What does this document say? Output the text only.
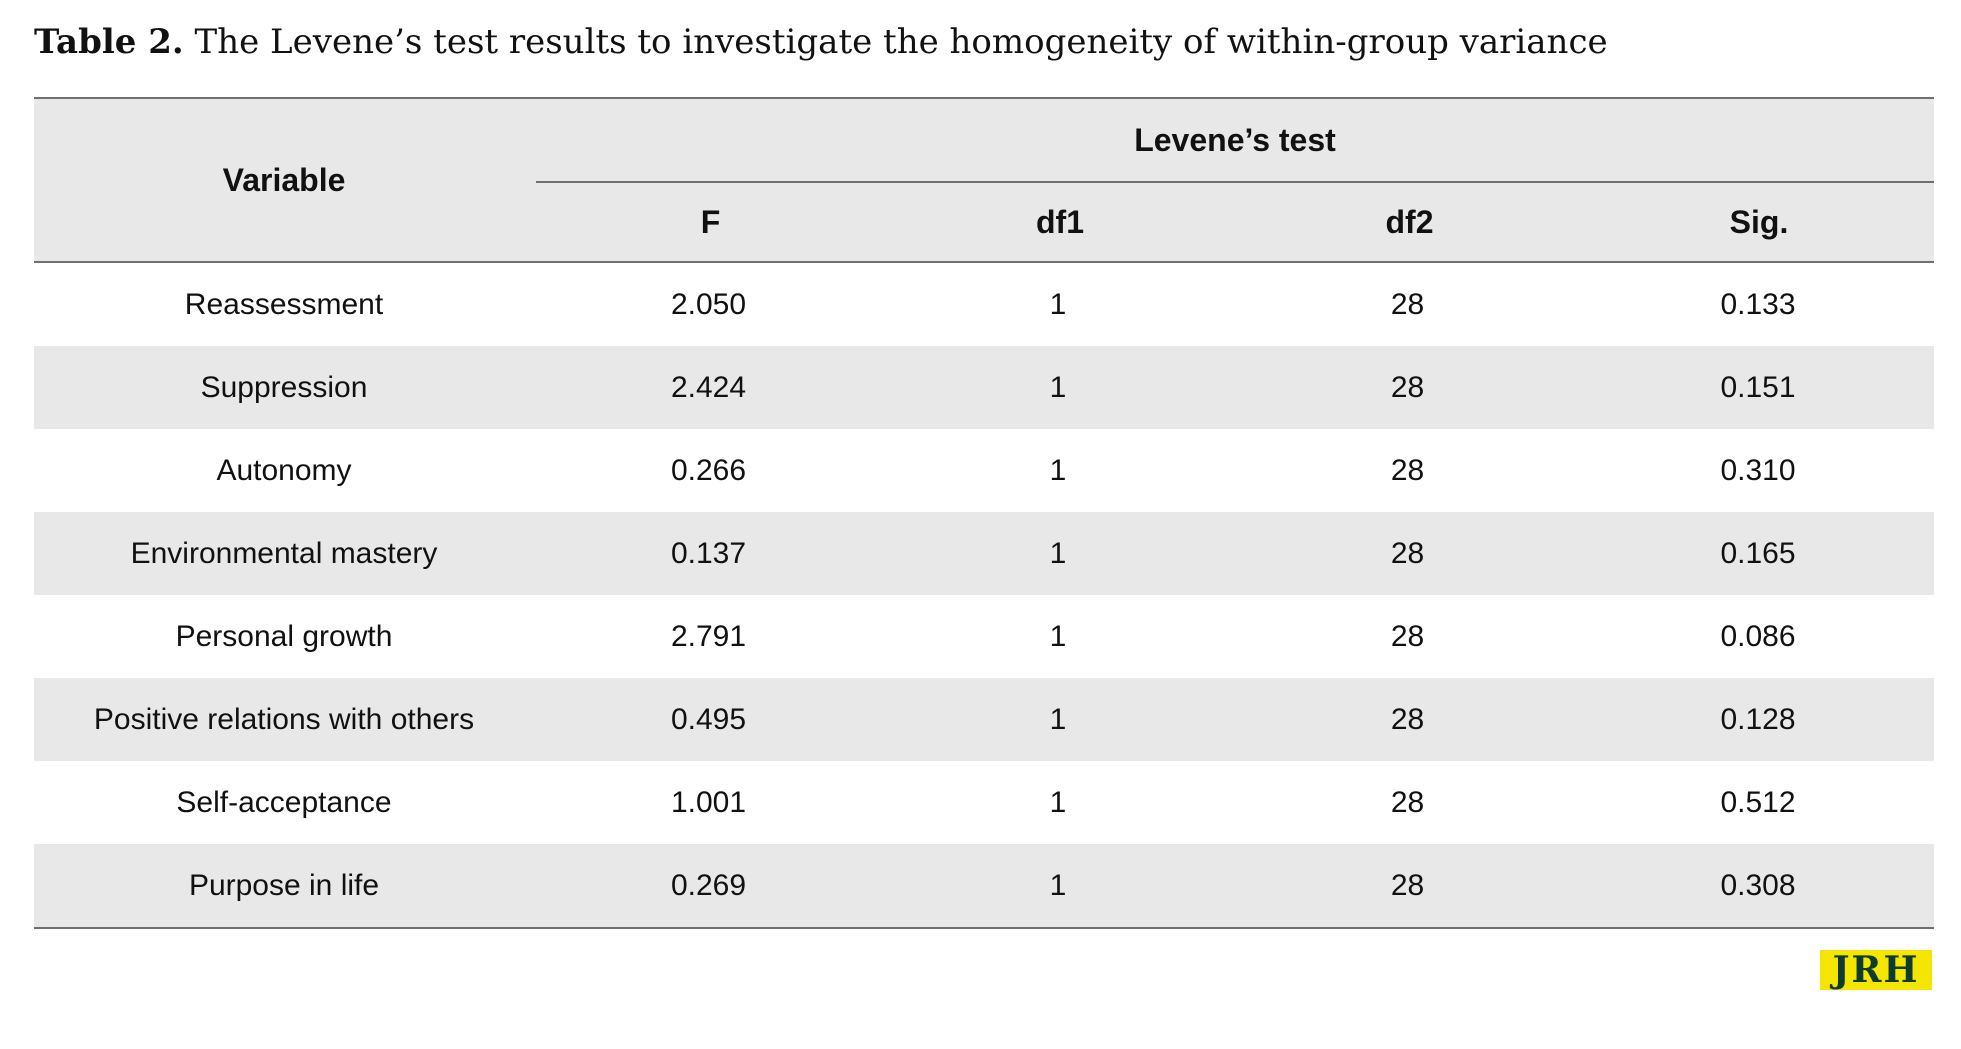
Table 2. The Levene’s test results to investigate the homogeneity of within-group variance
Variable
Levene’s test
F	df1	df2	Sig.
Reassessment	2.050	1	28	0.133
Suppression	2.424	1	28	0.151
Autonomy	0.266	1	28	0.310
Environmental mastery	0.137	1	28	0.165
Personal growth	2.791	1	28	0.086
Positive relations with others	0.495	1	28	0.128
Self-acceptance	1.001	1	28	0.512
Purpose in life	0.269	1	28	0.308
JRH
